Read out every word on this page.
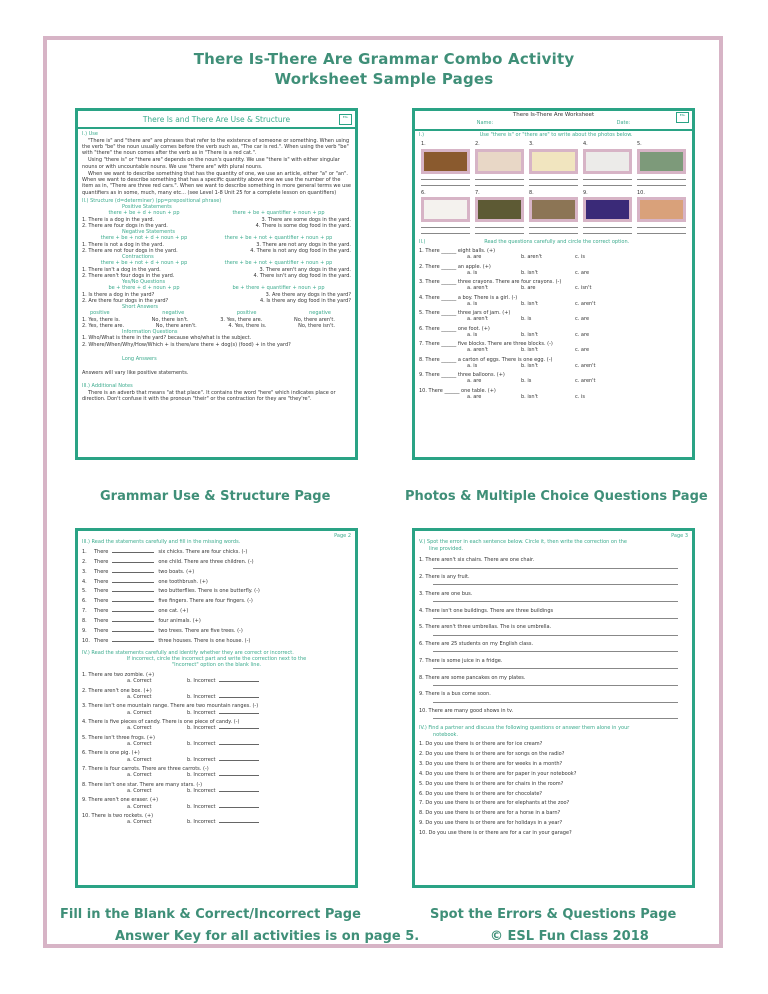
There Is-There Are Grammar Combo Activity
Worksheet Sample Pages
There Is and There Are Use & Structure	ESL
I.) Use

"There is" and "there are" are phrases that refer to the existence of someone or something. When using the verb "be" the noun usually comes before the verb such as, "The car is red.". When using the verb "be" with "there" the noun comes after the verb as in "There is a red cat.".

Using "there is" or "there are" depends on the noun's quantity. We use "there is" with either singular nouns or with uncountable nouns. We use "there are" with plural nouns.

When we want to describe something that has the quantity of one, we use an article, either "a" or "an". When we want to describe something that has a specific quantity above one we use the number of the item as in, "There are three red cars.". When we want to describe something in more general terms we use quantifiers as in some, much, many etc... (see Level 1-8 Unit 25 for a complete lesson on quantifiers)

II.) Structure (d=determiner) (pp=prepositional phrase)
Positive Statements
there + be + d + noun + pp	there + be + quantifier + noun + pp
1. There is a dog in the yard.	3. There are some dogs in the yard.
2. There are four dogs in the yard.	4. There is some dog food in the yard.
Negative Statements
there + be + not + d + noun + pp	there + be + not + quantifier + noun + pp
1. There is not a dog in the yard.	3. There are not any dogs in the yard.
2. There are not four dogs in the yard.	4. There is not any dog food in the yard.
Contractions
there + be + not + d + noun + pp	there + be + not + quantifier + noun + pp
1. There isn't a dog in the yard.	3. There aren't any dogs in the yard.
2. There aren't four dogs in the yard.	4. There isn't any dog food in the yard.
Yes/No Questions
be + there + d + noun + pp	be + there + quantifier + noun + pp
1. Is there a dog in the yard?	3. Are there any dogs in the yard?
2. Are there four dogs in the yard?	4. Is there any dog food in the yard?
Short Answers
positive	negative	positive	negative
1. Yes, there is.	No, there isn't.	3. Yes, there are.	No, there aren't.
2. Yes, there are.	No, there aren't.	4. Yes, there is.	No, there isn't.
Information Questions
1. Who/What is there in the yard? because who/what is the subject.
2. Where/When/Why/How/Which + is there/are there + dog(s) (food) + in the yard?
Long Answers
Answers will vary like positive statements.
III.) Additional Notes

There is an adverb that means "at that place". It contains the word "here" which indicates place or direction. Don't confuse it with the pronoun "their" or the contraction for they are "they're".

There Is-There Are Worksheet
Name:	Date:
ESL
I.)	Use "there is" or "there are" to write about the photos below.
1.	2.	3.	4.	5.
6.	7.	8.	9.	10.
II.)	Read the questions carefully and circle the correct option.
1. There ______ eight balls. (+)
a. are	b. aren't	c. is
2. There ______ an apple. (+)
a. is	b. isn't	c. are
3. There ______ three crayons. There are four crayons. (-)
a. aren't	b. are	c. isn't
4. There ______ a boy. There is a girl. (-)
a. is	b. isn't	c. aren't
5. There ______ three jars of jam. (+)
a. aren't	b. is	c. are
6. There ______ one foot. (+)
a. is	b. isn't	c. are
7. There ______ five blocks. There are three blocks. (-)
a. aren't	b. isn't	c. are
8. There ______ a carton of eggs. There is one egg. (-)
a. is	b. isn't	c. aren't
9. There ______ three balloons. (+)
a. are	b. is	c. aren't
10. There ______ one table. (+)
a. are	b. isn't	c. is
Page 2
III.) Read the statements carefully and fill in the missing words.
1. There	six chicks. There are four chicks. (-)
2. There	one child. There are three children. (-)
3. There	two boats. (+)
4. There	one toothbrush. (+)
5. There	two butterflies. There is one butterfly. (-)
6. There	five fingers. There are four fingers. (-)
7. There	one cat. (+)
8. There	four animals. (+)
9. There	two trees. There are five trees. (-)
10. There	three houses. There is one house. (-)
IV.) Read the statements carefully and identify whether they are correct or incorrect.
If incorrect, circle the incorrect part and write the correction next to the
"Incorrect" option on the blank line.
1. There are two zombie. (+)
a. Correct	b. Incorrect
2. There aren't one box. (+)
a. Correct	b. Incorrect
3. There isn't one mountain range. There are two mountain ranges. (-)
a. Correct	b. Incorrect
4. There is five pieces of candy. There is one piece of candy. (-)
a. Correct	b. Incorrect
5. There isn't three frogs. (+)
a. Correct	b. Incorrect
6. There is one pig. (+)
a. Correct	b. Incorrect
7. There is four carrots. There are three carrots. (-)
a. Correct	b. Incorrect
8. There isn't one star. There are many stars. (-)
a. Correct	b. Incorrect
9. There aren't one eraser. (+)
a. Correct	b. Incorrect
10. There is two rockets. (+)
a. Correct	b. Incorrect
Page 3
V.) Spot the error in each sentence below. Circle it, then write the correction on the
line provided.
1. There aren't six chairs. There are one chair.
2. There is any fruit.
3. There are one bus.
4. There isn't one buildings. There are three buildings
5. There aren't three umbrellas. The is one umbrella.
6. There are 25 students on my English class.
7. There is some juice in a fridge.
8. There are some pancakes on my plates.
9. There is a bus come soon.
10. There are many good shows in tv.
IV.) Find a partner and discuss the following questions or answer them alone in your
notebook.
1. Do you use there is or there are for ice cream?
2. Do you use there is or there are for songs on the radio?
3. Do you use there is or there are for weeks in a month?
4. Do you use there is or there are for paper in your notebook?
5. Do you use there is or there are for chairs in the room?
6. Do you use there is or there are for chocolate?
7. Do you use there is or there are for elephants at the zoo?
8. Do you use there is or there are for a horse in a barn?
9. Do you use there is or there are for holidays in a year?
10. Do you use there is or there are for a car in your garage?
Grammar Use & Structure Page	Photos & Multiple Choice Questions Page
Fill in the Blank & Correct/Incorrect Page	Spot the Errors & Questions Page
Answer Key for all activities is on page 5.	© ESL Fun Class 2018
